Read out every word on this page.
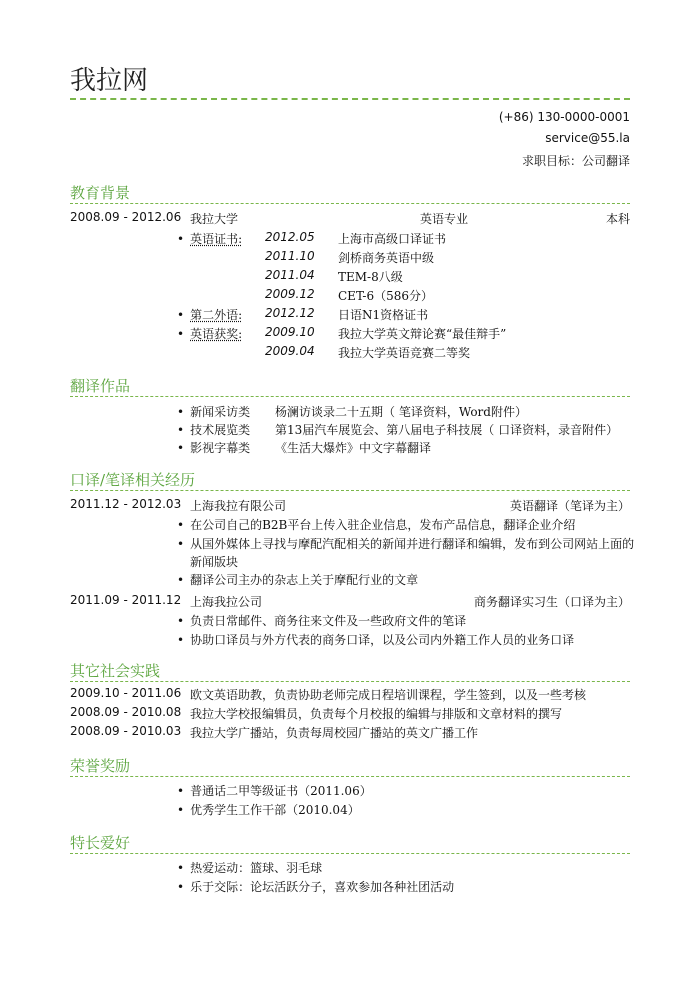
我拉网
(+86) 130-0000-0001
service@55.la
求职目标：公司翻译
教育背景
2008.09 - 2012.06 我拉大学	英语专业	本科
• 英语证书: 2012.05 上海市高级口译证书
2011.10 剑桥商务英语中级
2011.04 TEM-8八级
2009.12 CET-6（586分）
• 第二外语: 2012.12 日语N1资格证书
• 英语获奖: 2009.10 我拉大学英文辩论赛“最佳辩手”
2009.04 我拉大学英语竞赛二等奖
翻译作品
• 新闻采访类 杨澜访谈录二十五期（ 笔译资料，Word附件）
• 技术展览类 第13届汽车展览会、第八届电子科技展（ 口译资料，录音附件）
• 影视字幕类 《生活大爆炸》中文字幕翻译
口译/笔译相关经历
2011.12 - 2012.03 上海我拉有限公司	英语翻译（笔译为主）
• 在公司自己的B2B平台上传入驻企业信息，发布产品信息，翻译企业介绍
• 从国外媒体上寻找与摩配汽配相关的新闻并进行翻译和编辑，发布到公司网站上面的
新闻版块
• 翻译公司主办的杂志上关于摩配行业的文章
2011.09 - 2011.12 上海我拉公司	商务翻译实习生（口译为主）
• 负责日常邮件、商务往来文件及一些政府文件的笔译
• 协助口译员与外方代表的商务口译，以及公司内外籍工作人员的业务口译
其它社会实践
2009.10 - 2011.06 欧文英语助教，负责协助老师完成日程培训课程，学生签到，以及一些考核
2008.09 - 2010.08 我拉大学校报编辑员，负责每个月校报的编辑与排版和文章材料的撰写
2008.09 - 2010.03 我拉大学广播站，负责每周校园广播站的英文广播工作
荣誉奖励
• 普通话二甲等级证书（2011.06）
• 优秀学生工作干部（2010.04）
特长爱好
• 热爱运动：篮球、羽毛球
• 乐于交际：论坛活跃分子，喜欢参加各种社团活动
